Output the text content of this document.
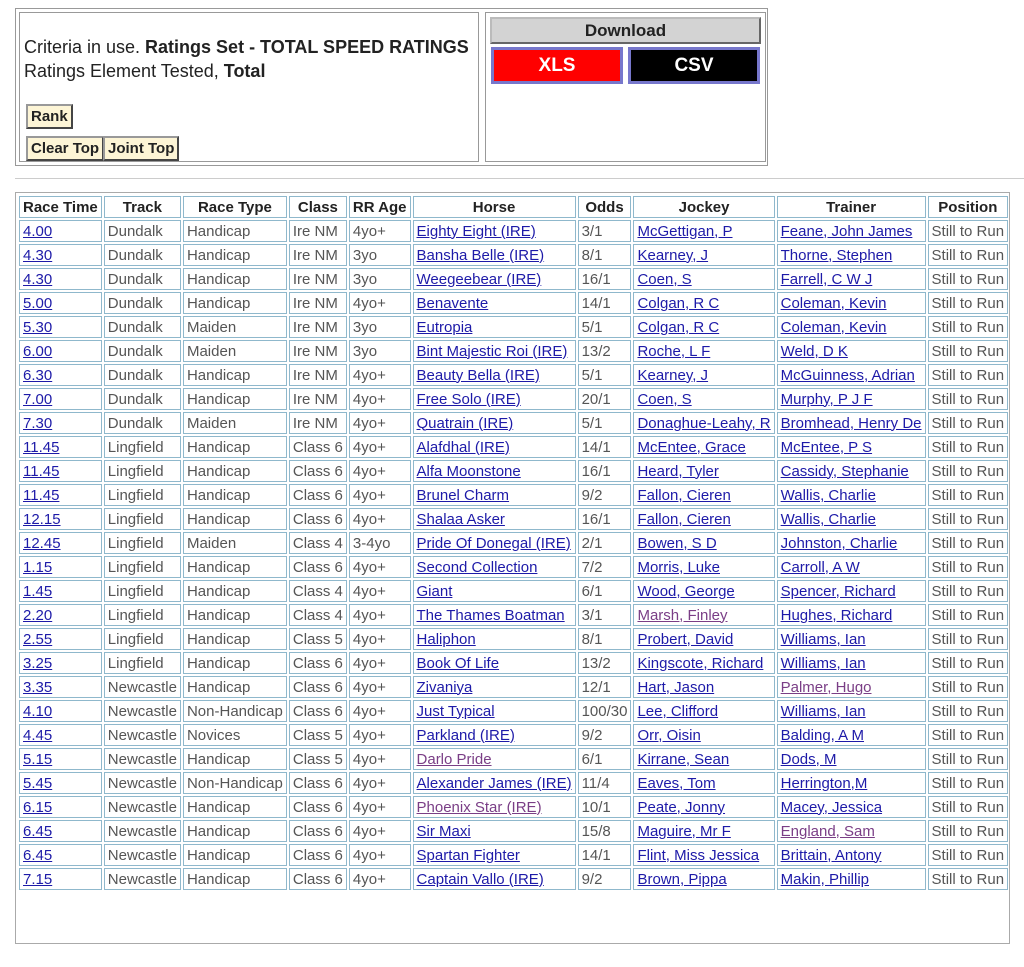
Criteria in use. Ratings Set - TOTAL SPEED RATINGS
Ratings Element Tested, Total
Rank
Clear Top Joint Top
Download
XLS	CSV
Race Time	Track	Race Type	Class	RR Age	Horse	Odds	Jockey	Trainer	Position
4.00	Dundalk	Handicap	Ire NM	4yo+	Eighty Eight (IRE)	3/1	McGettigan, P	Feane, John James	Still to Run
4.30	Dundalk	Handicap	Ire NM	3yo	Bansha Belle (IRE)	8/1	Kearney, J	Thorne, Stephen	Still to Run
4.30	Dundalk	Handicap	Ire NM	3yo	Weegeebear (IRE)	16/1	Coen, S	Farrell, C W J	Still to Run
5.00	Dundalk	Handicap	Ire NM	4yo+	Benavente	14/1	Colgan, R C	Coleman, Kevin	Still to Run
5.30	Dundalk	Maiden	Ire NM	3yo	Eutropia	5/1	Colgan, R C	Coleman, Kevin	Still to Run
6.00	Dundalk	Maiden	Ire NM	3yo	Bint Majestic Roi (IRE)	13/2	Roche, L F	Weld, D K	Still to Run
6.30	Dundalk	Handicap	Ire NM	4yo+	Beauty Bella (IRE)	5/1	Kearney, J	McGuinness, Adrian	Still to Run
7.00	Dundalk	Handicap	Ire NM	4yo+	Free Solo (IRE)	20/1	Coen, S	Murphy, P J F	Still to Run
7.30	Dundalk	Maiden	Ire NM	4yo+	Quatrain (IRE)	5/1	Donaghue-Leahy, R	Bromhead, Henry De	Still to Run
11.45	Lingfield	Handicap	Class 6	4yo+	Alafdhal (IRE)	14/1	McEntee, Grace	McEntee, P S	Still to Run
11.45	Lingfield	Handicap	Class 6	4yo+	Alfa Moonstone	16/1	Heard, Tyler	Cassidy, Stephanie	Still to Run
11.45	Lingfield	Handicap	Class 6	4yo+	Brunel Charm	9/2	Fallon, Cieren	Wallis, Charlie	Still to Run
12.15	Lingfield	Handicap	Class 6	4yo+	Shalaa Asker	16/1	Fallon, Cieren	Wallis, Charlie	Still to Run
12.45	Lingfield	Maiden	Class 4	3-4yo	Pride Of Donegal (IRE)	2/1	Bowen, S D	Johnston, Charlie	Still to Run
1.15	Lingfield	Handicap	Class 6	4yo+	Second Collection	7/2	Morris, Luke	Carroll, A W	Still to Run
1.45	Lingfield	Handicap	Class 4	4yo+	Giant	6/1	Wood, George	Spencer, Richard	Still to Run
2.20	Lingfield	Handicap	Class 4	4yo+	The Thames Boatman	3/1	Marsh, Finley	Hughes, Richard	Still to Run
2.55	Lingfield	Handicap	Class 5	4yo+	Haliphon	8/1	Probert, David	Williams, Ian	Still to Run
3.25	Lingfield	Handicap	Class 6	4yo+	Book Of Life	13/2	Kingscote, Richard	Williams, Ian	Still to Run
3.35	Newcastle	Handicap	Class 6	4yo+	Zivaniya	12/1	Hart, Jason	Palmer, Hugo	Still to Run
4.10	Newcastle	Non-Handicap	Class 6	4yo+	Just Typical	100/30	Lee, Clifford	Williams, Ian	Still to Run
4.45	Newcastle	Novices	Class 5	4yo+	Parkland (IRE)	9/2	Orr, Oisin	Balding, A M	Still to Run
5.15	Newcastle	Handicap	Class 5	4yo+	Darlo Pride	6/1	Kirrane, Sean	Dods, M	Still to Run
5.45	Newcastle	Non-Handicap	Class 6	4yo+	Alexander James (IRE)	11/4	Eaves, Tom	Herrington,M	Still to Run
6.15	Newcastle	Handicap	Class 6	4yo+	Phoenix Star (IRE)	10/1	Peate, Jonny	Macey, Jessica	Still to Run
6.45	Newcastle	Handicap	Class 6	4yo+	Sir Maxi	15/8	Maguire, Mr F	England, Sam	Still to Run
6.45	Newcastle	Handicap	Class 6	4yo+	Spartan Fighter	14/1	Flint, Miss Jessica	Brittain, Antony	Still to Run
7.15	Newcastle	Handicap	Class 6	4yo+	Captain Vallo (IRE)	9/2	Brown, Pippa	Makin, Phillip	Still to Run
